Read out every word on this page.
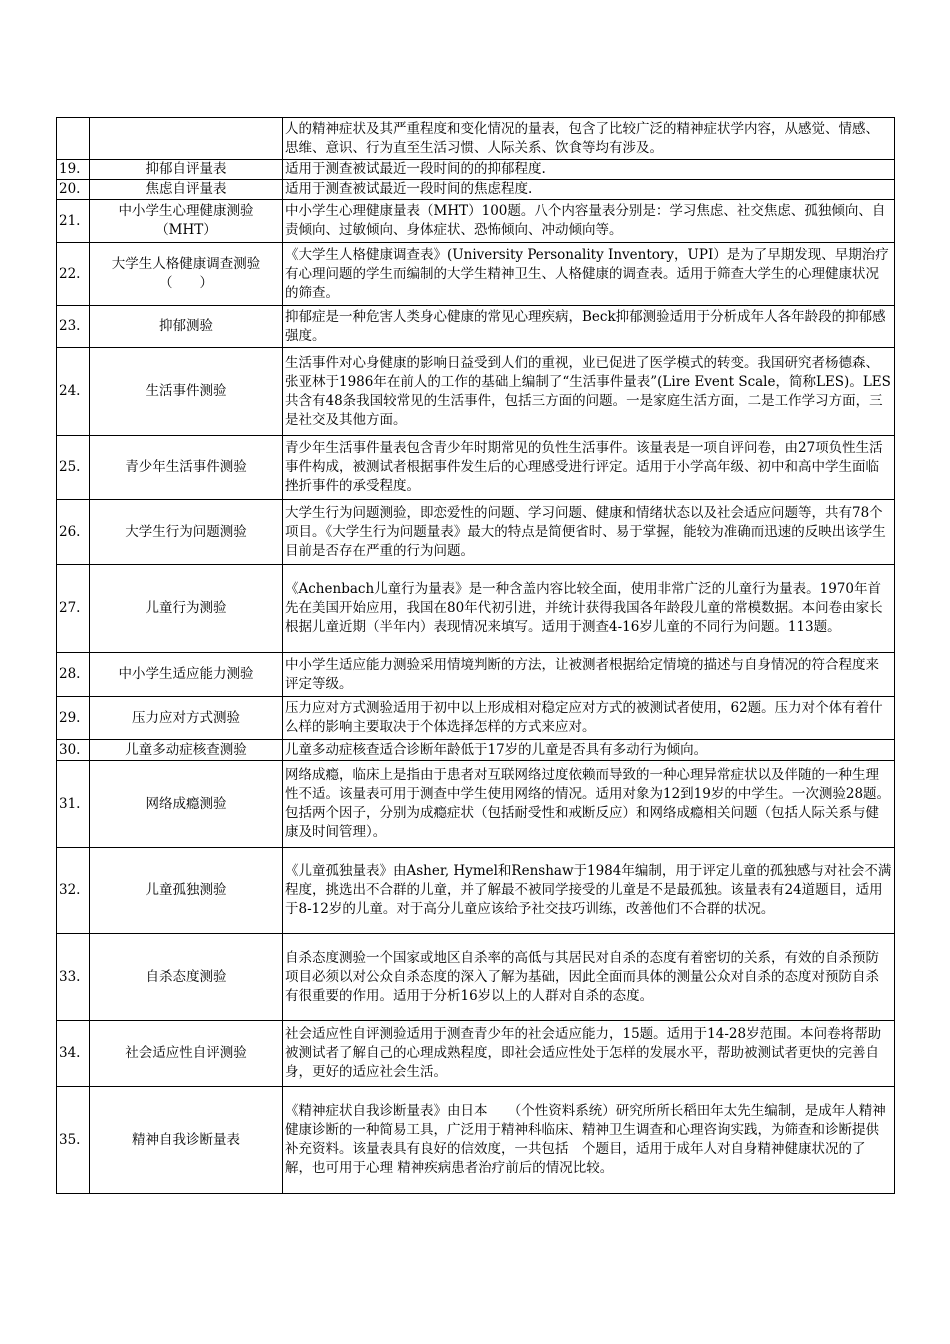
		人的精神症状及其严重程度和变化情况的量表，包含了比较广泛的精神症状学内容，从感觉、情感、思维、意识、行为直至生活习惯、人际关系、饮食等均有涉及。
19.	抑郁自评量表	适用于测查被试最近一段时间的的抑郁程度.
20.	焦虑自评量表	适用于测查被试最近一段时间的焦虑程度.
21.	中小学生心理健康测验（MHT）	中小学生心理健康量表（MHT）100题。八个内容量表分别是：学习焦虑、社交焦虑、孤独倾向、自责倾向、过敏倾向、身体症状、恐怖倾向、冲动倾向等。
22.	大学生人格健康调查测验（　　）	《大学生人格健康调查表》(University Personality Inventory，UPI）是为了早期发现、早期治疗有心理问题的学生而编制的大学生精神卫生、人格健康的调查表。适用于筛查大学生的心理健康状况的筛查。
23.	抑郁测验	抑郁症是一种危害人类身心健康的常见心理疾病，Beck抑郁测验适用于分析成年人各年龄段的抑郁感强度。
24.	生活事件测验	生活事件对心身健康的影响日益受到人们的重视，业已促进了医学模式的转变。我国研究者杨德森、张亚林于1986年在前人的工作的基础上编制了“生活事件量表”(Lire Event Scale，简称LES)。LES共含有48条我国较常见的生活事件，包括三方面的问题。一是家庭生活方面，二是工作学习方面，三是社交及其他方面。
25.	青少年生活事件测验	青少年生活事件量表包含青少年时期常见的负性生活事件。该量表是一项自评问卷，由27项负性生活事件构成，被测试者根据事件发生后的心理感受进行评定。适用于小学高年级、初中和高中学生面临挫折事件的承受程度。
26.	大学生行为问题测验	大学生行为问题测验，即恋爱性的问题、学习问题、健康和情绪状态以及社会适应问题等，共有78个项目。《大学生行为问题量表》最大的特点是简便省时、易于掌握，能较为准确而迅速的反映出该学生目前是否存在严重的行为问题。
27.	儿童行为测验	《Achenbach儿童行为量表》是一种含盖内容比较全面，使用非常广泛的儿童行为量表。1970年首先在美国开始应用，我国在80年代初引进，并统计获得我国各年龄段儿童的常模数据。本问卷由家长根据儿童近期（半年内）表现情况来填写。适用于测查4-16岁儿童的不同行为问题。113题。
28.	中小学生适应能力测验	中小学生适应能力测验采用情境判断的方法，让被测者根据给定情境的描述与自身情况的符合程度来评定等级。
29.	压力应对方式测验	压力应对方式测验适用于初中以上形成相对稳定应对方式的被测试者使用，62题。压力对个体有着什么样的影响主要取决于个体选择怎样的方式来应对。
30.	儿童多动症核查测验	儿童多动症核查适合诊断年龄低于17岁的儿童是否具有多动行为倾向。
31.	网络成瘾测验	网络成瘾，临床上是指由于患者对互联网络过度依赖而导致的一种心理异常症状以及伴随的一种生理性不适。该量表可用于测查中学生使用网络的情况。适用对象为12到19岁的中学生。一次测验28题。包括两个因子，分别为成瘾症状（包括耐受性和戒断反应）和网络成瘾相关问题（包括人际关系与健康及时间管理）。
32.	儿童孤独测验	《儿童孤独量表》由Asher, Hymel和Renshaw于1984年编制，用于评定儿童的孤独感与对社会不满程度，挑选出不合群的儿童，并了解最不被同学接受的儿童是不是最孤独。该量表有24道题目，适用于8-12岁的儿童。对于高分儿童应该给予社交技巧训练，改善他们不合群的状况。
33.	自杀态度测验	自杀态度测验一个国家或地区自杀率的高低与其居民对自杀的态度有着密切的关系，有效的自杀预防项目必须以对公众自杀态度的深入了解为基础，因此全面而具体的测量公众对自杀的态度对预防自杀有很重要的作用。适用于分析16岁以上的人群对自杀的态度。
34.	社会适应性自评测验	社会适应性自评测验适用于测查青少年的社会适应能力，15题。适用于14-28岁范围。本问卷将帮助被测试者了解自己的心理成熟程度，即社会适应性处于怎样的发展水平，帮助被测试者更快的完善自身，更好的适应社会生活。
35.	精神自我诊断量表	《精神症状自我诊断量表》由日本　　（个性资料系统）研究所所长稻田年太先生编制，是成年人精神健康诊断的一种简易工具，广泛用于精神科临床、精神卫生调查和心理咨询实践，为筛查和诊断提供补充资料。该量表具有良好的信效度，一共包括　个题目，适用于成年人对自身精神健康状况的了解，也可用于心理 精神疾病患者治疗前后的情况比较。
